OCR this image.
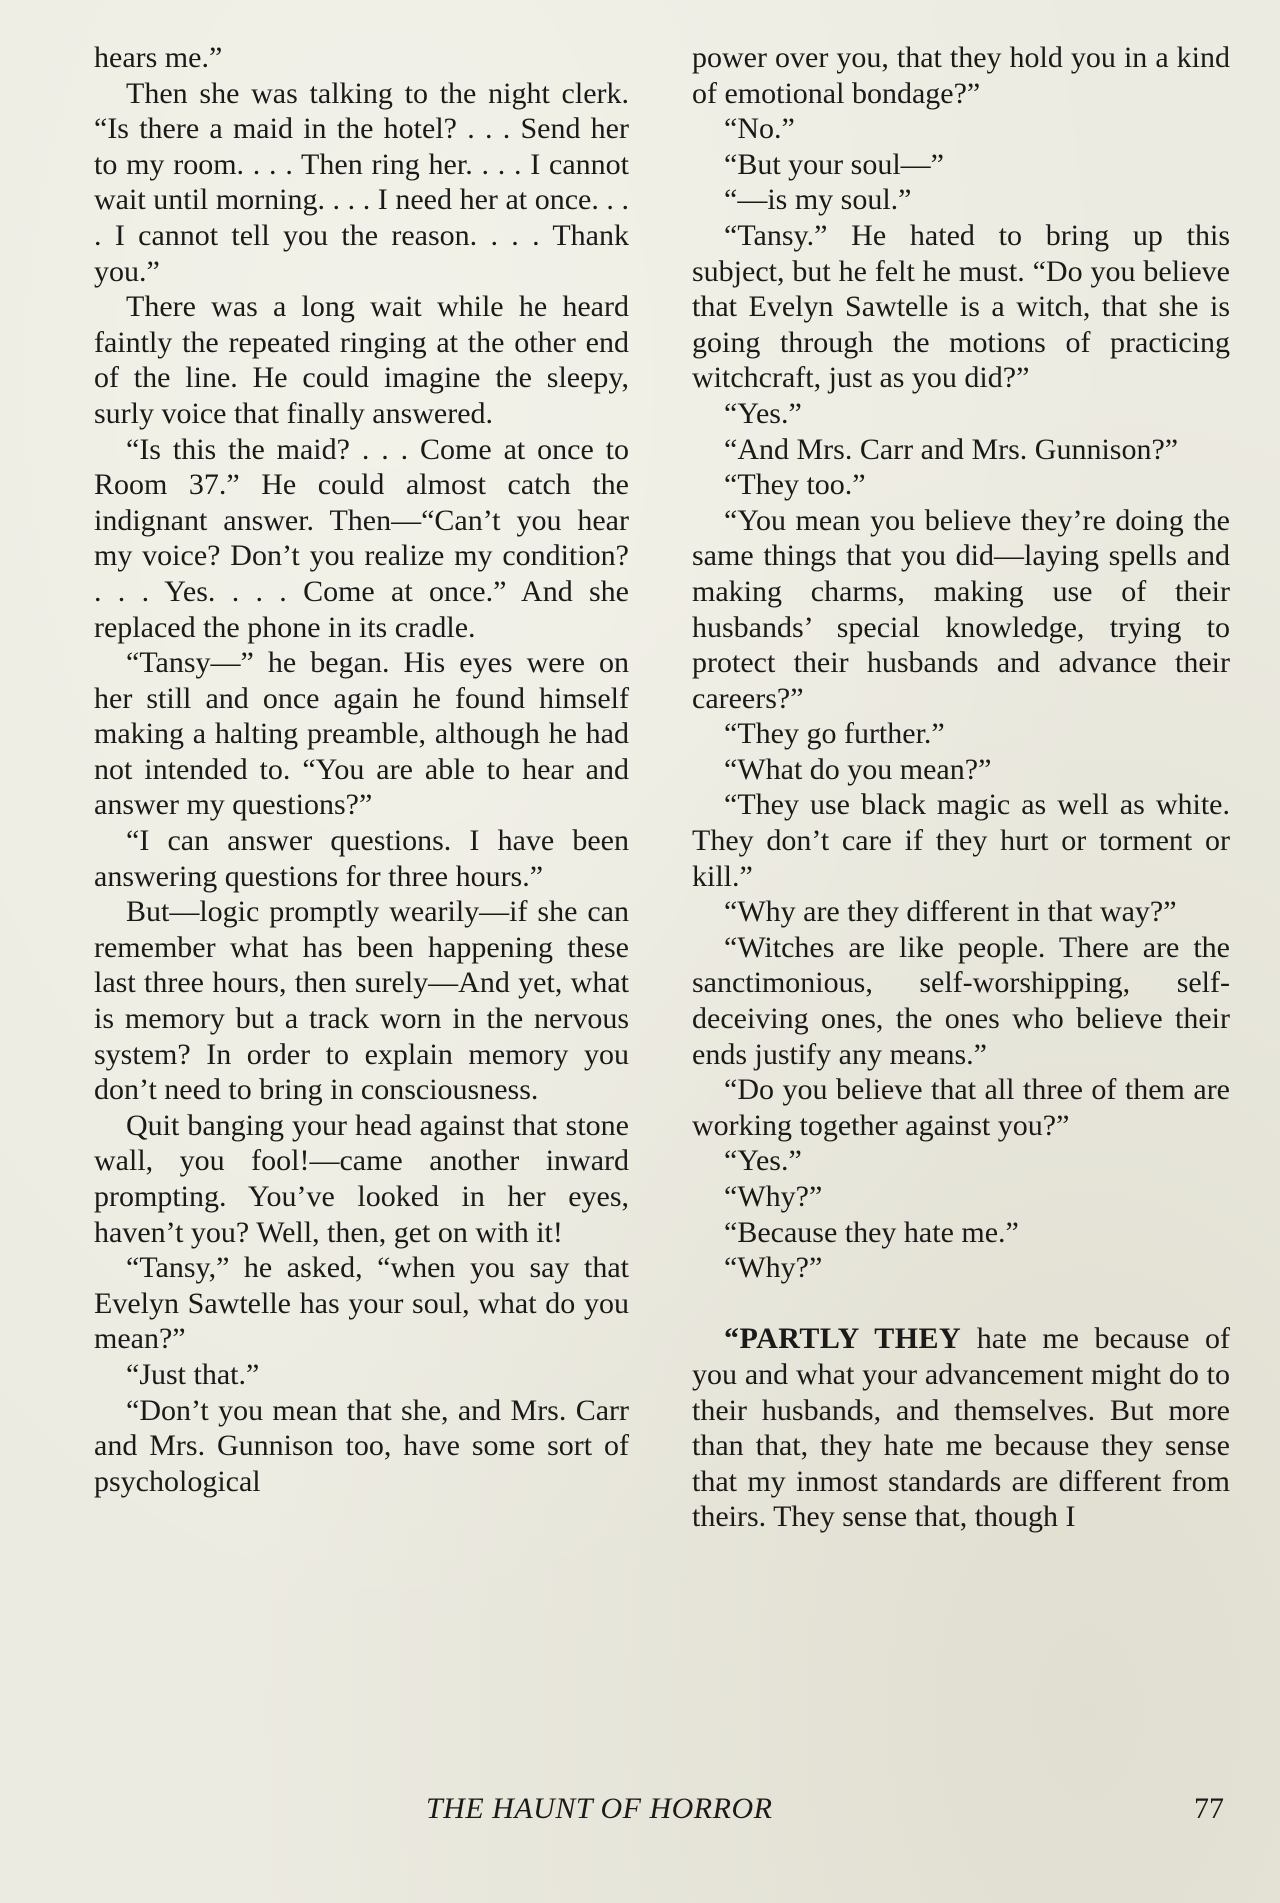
hears me.”

Then she was talking to the night clerk. “Is there a maid in the hotel? . . . Send her to my room. . . . Then ring her. . . . I cannot wait until morning. . . . I need her at once. . . . I cannot tell you the reason. . . . Thank you.”

There was a long wait while he heard faintly the repeated ringing at the other end of the line. He could imagine the sleepy, surly voice that finally answered.

“Is this the maid? . . . Come at once to Room 37.” He could almost catch the indignant answer. Then—“Can’t you hear my voice? Don’t you realize my condition? . . . Yes. . . . Come at once.” And she replaced the phone in its cradle.

“Tansy—” he began. His eyes were on her still and once again he found himself making a halting preamble, although he had not intended to. “You are able to hear and answer my questions?”

“I can answer questions. I have been answering questions for three hours.”

But—logic promptly wearily—if she can remember what has been happening these last three hours, then surely—And yet, what is memory but a track worn in the nervous system? In order to explain memory you don’t need to bring in consciousness.

Quit banging your head against that stone wall, you fool!—came another inward prompting. You’ve looked in her eyes, haven’t you? Well, then, get on with it!

“Tansy,” he asked, “when you say that Evelyn Sawtelle has your soul, what do you mean?”

“Just that.”

“Don’t you mean that she, and Mrs. Carr and Mrs. Gunnison too, have some sort of psychological

power over you, that they hold you in a kind of emotional bondage?”

“No.”

“But your soul—”

“—is my soul.”

“Tansy.” He hated to bring up this subject, but he felt he must. “Do you believe that Evelyn Sawtelle is a witch, that she is going through the motions of practicing witchcraft, just as you did?”

“Yes.”

“And Mrs. Carr and Mrs. Gunnison?”

“They too.”

“You mean you believe they’re doing the same things that you did—laying spells and making charms, making use of their husbands’ special knowledge, trying to protect their husbands and advance their careers?”

“They go further.”

“What do you mean?”

“They use black magic as well as white. They don’t care if they hurt or torment or kill.”

“Why are they different in that way?”

“Witches are like people. There are the sanctimonious, self-worshipping, self-deceiving ones, the ones who believe their ends justify any means.”

“Do you believe that all three of them are working together against you?”

“Yes.”

“Why?”

“Because they hate me.”

“Why?”

“PARTLY THEY hate me because of you and what your advancement might do to their husbands, and themselves. But more than that, they hate me because they sense that my inmost standards are different from theirs. They sense that, though I

THE HAUNT OF HORROR	77
